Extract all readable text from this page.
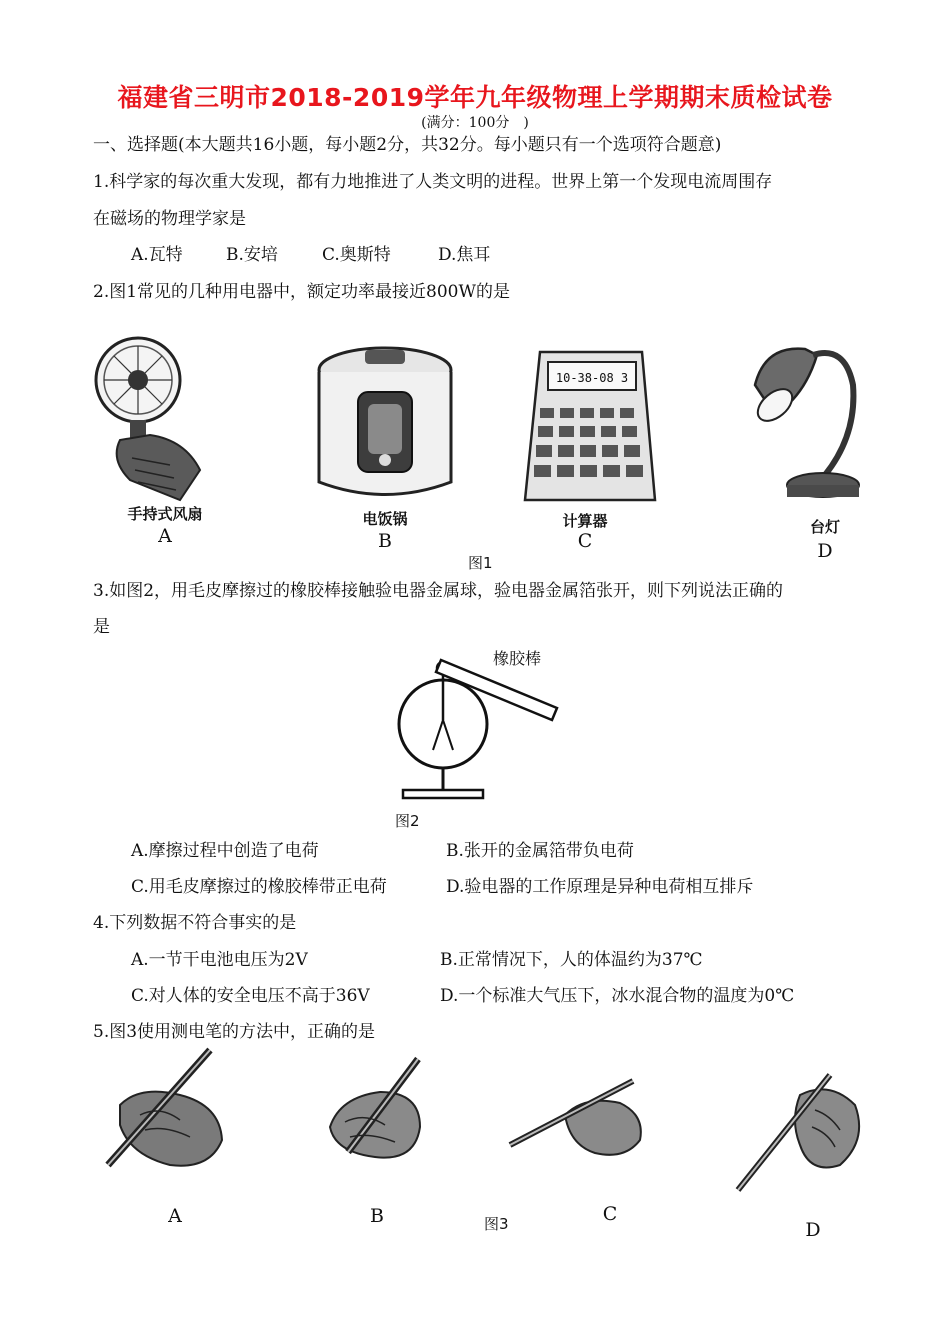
福建省三明市2018-2019学年九年级物理上学期期末质检试卷
(满分：100分　)
一、选择题(本大题共16小题，每小题2分，共32分。每小题只有一个选项符合题意)
1.科学家的每次重大发现，都有力地推进了人类文明的进程。世界上第一个发现电流周围存
在磁场的物理学家是
A.瓦特	B.安培	C.奥斯特	D.焦耳
2.图1常见的几种用电器中，额定功率最接近800W的是
手持式风扇
A
电饭锅
B
10-38-08 3
计算器
C
台灯
D
图1
3.如图2，用毛皮摩擦过的橡胶棒接触验电器金属球，验电器金属箔张开，则下列说法正确的
是
橡胶棒
图2
A.摩擦过程中创造了电荷	B.张开的金属箔带负电荷
C.用毛皮摩擦过的橡胶棒带正电荷	D.验电器的工作原理是异种电荷相互排斥
4.下列数据不符合事实的是
A.一节干电池电压为2V	B.正常情况下，人的体温约为37℃
C.对人体的安全电压不高于36V	D.一个标准大气压下，冰水混合物的温度为0℃
5.图3使用测电笔的方法中，正确的是
A	B	C
图3	D
